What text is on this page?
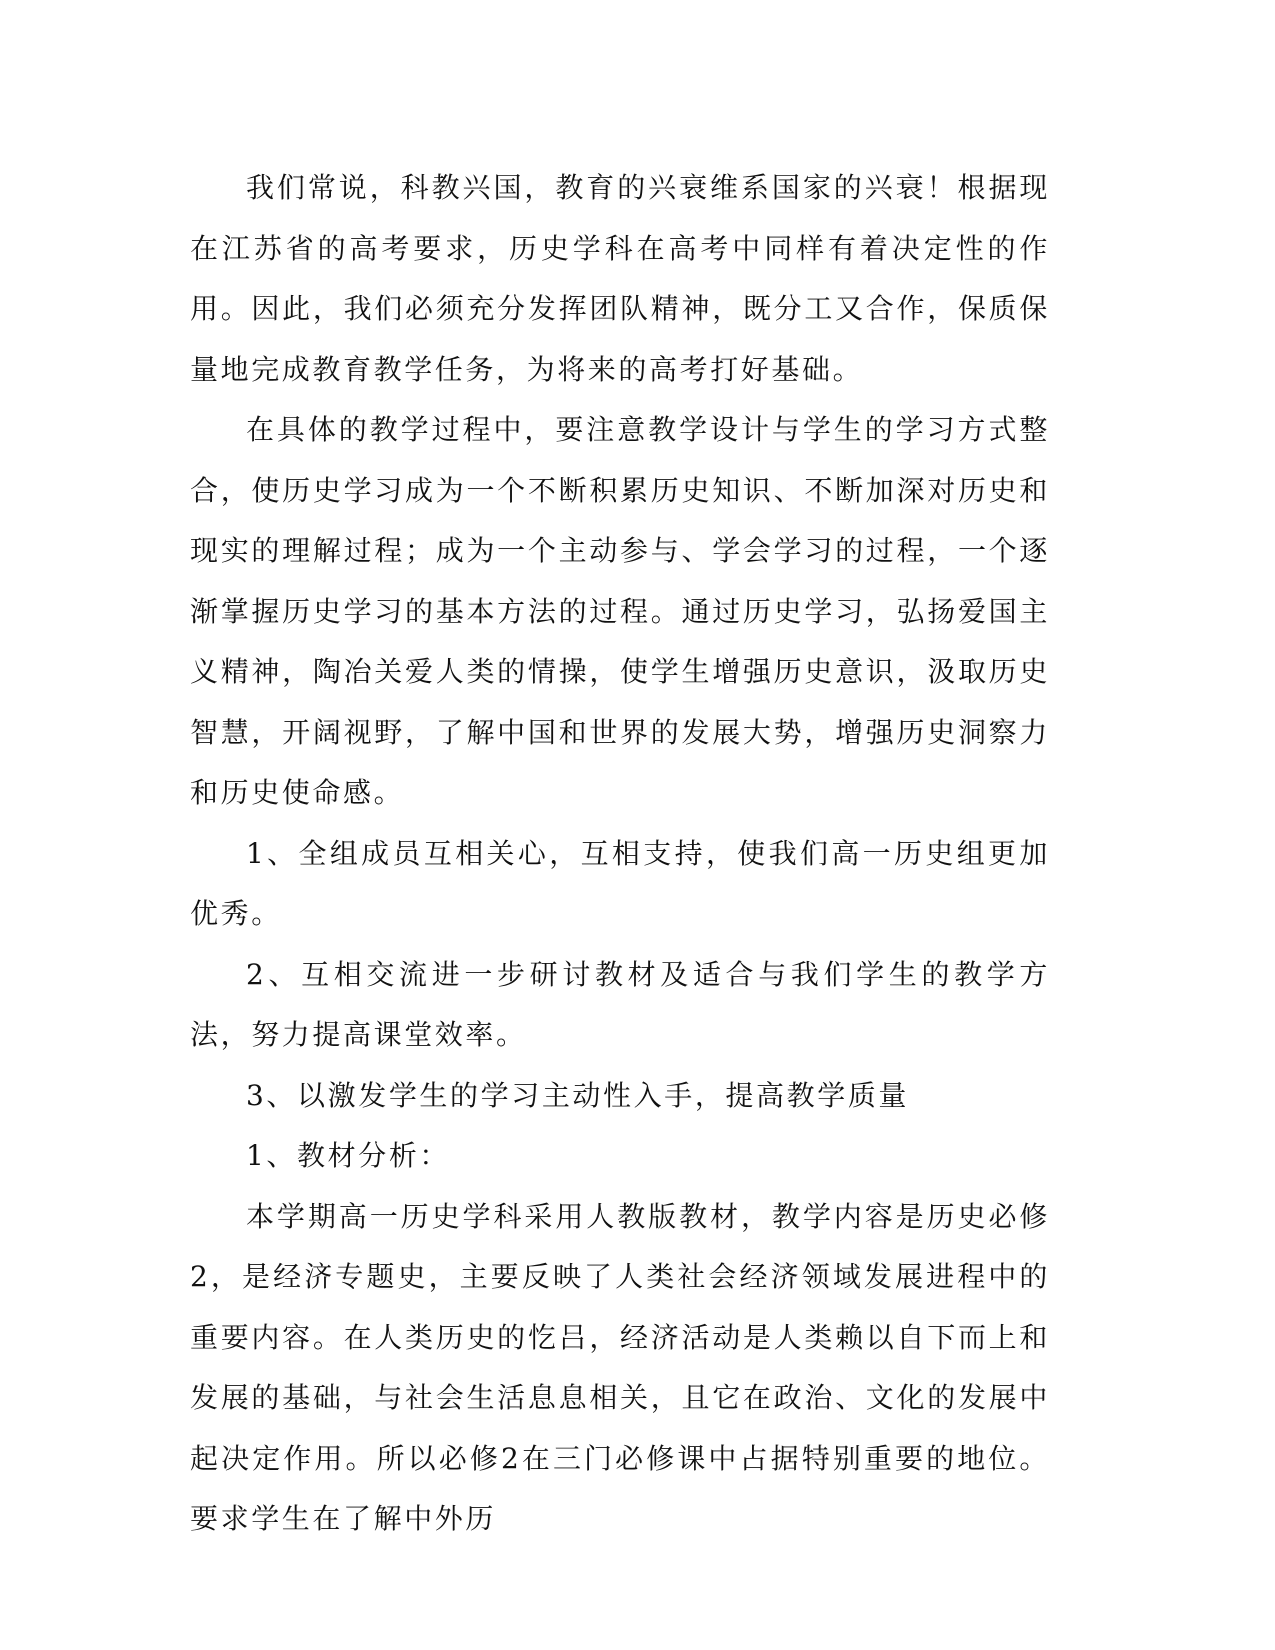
我们常说，科教兴国，教育的兴衰维系国家的兴衰！根据现在江苏省的高考要求，历史学科在高考中同样有着决定性的作用。因此，我们必须充分发挥团队精神，既分工又合作，保质保量地完成教育教学任务，为将来的高考打好基础。

在具体的教学过程中，要注意教学设计与学生的学习方式整合，使历史学习成为一个不断积累历史知识、不断加深对历史和现实的理解过程；成为一个主动参与、学会学习的过程，一个逐渐掌握历史学习的基本方法的过程。通过历史学习，弘扬爱国主义精神，陶冶关爱人类的情操，使学生增强历史意识，汲取历史智慧，开阔视野，了解中国和世界的发展大势，增强历史洞察力和历史使命感。

1、全组成员互相关心，互相支持，使我们高一历史组更加优秀。

2、互相交流进一步研讨教材及适合与我们学生的教学方法，努力提高课堂效率。

3、以激发学生的学习主动性入手，提高教学质量

1、教材分析：

本学期高一历史学科采用人教版教材，教学内容是历史必修2，是经济专题史，主要反映了人类社会经济领域发展进程中的重要内容。在人类历史的忔吕，经济活动是人类赖以自下而上和发展的基础，与社会生活息息相关，且它在政治、文化的发展中起决定作用。所以必修2在三门必修课中占据特别重要的地位。要求学生在了解中外历
